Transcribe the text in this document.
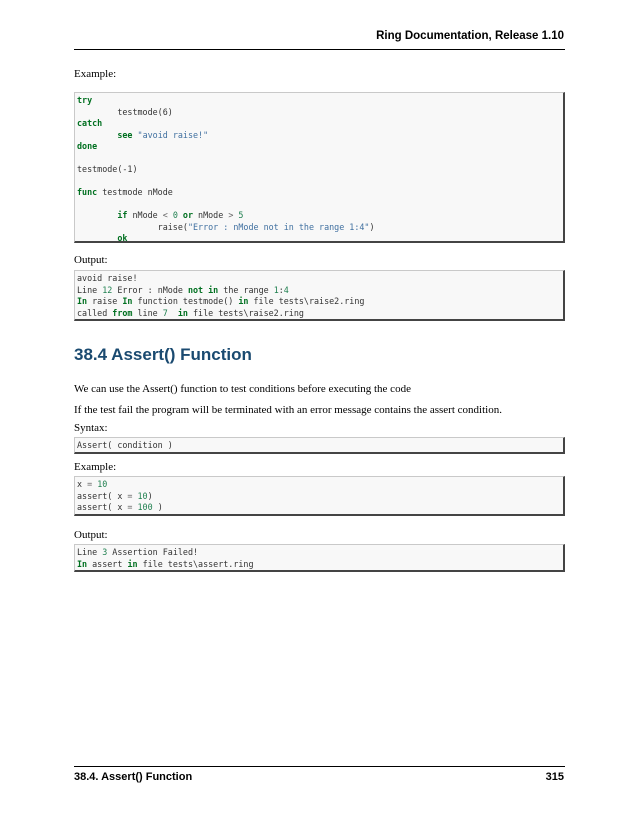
Ring Documentation, Release 1.10
Example:
try
testmode(6)
catch
see "avoid raise!"
done
testmode(-1)
func testmode nMode
if nMode < 0 or nMode > 5
raise("Error : nMode not in the range 1:4")
ok
Output:
avoid raise!
Line 12 Error : nMode not in the range 1:4
In raise In function testmode() in file tests\raise2.ring
called from line 7 in file tests\raise2.ring
38.4 Assert() Function
We can use the Assert() function to test conditions before executing the code
If the test fail the program will be terminated with an error message contains the assert condition.
Syntax:
Assert( condition )
Example:
x = 10
assert( x = 10)
assert( x = 100 )
Output:
Line 3 Assertion Failed!
In assert in file tests\assert.ring
38.4. Assert() Function	315
